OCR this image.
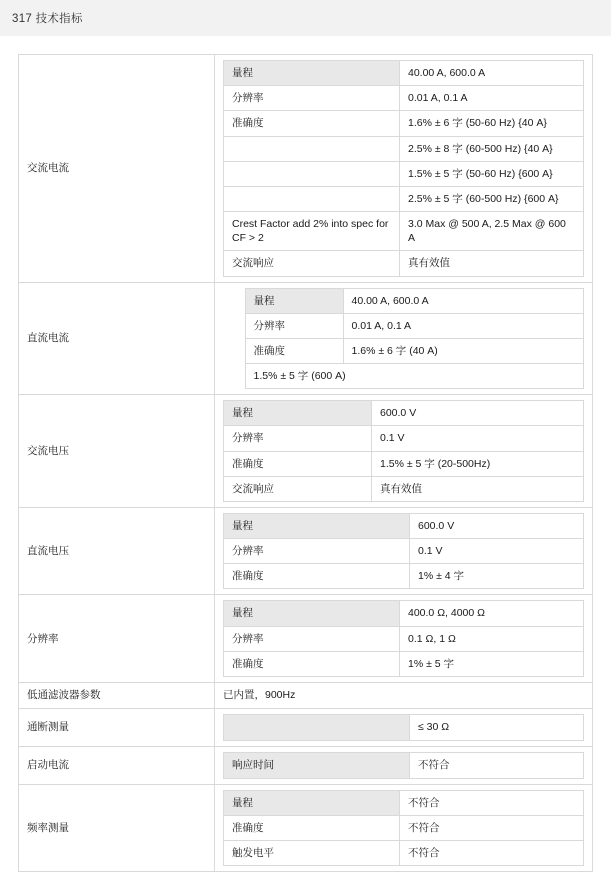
317 技术指标
交流电流	
量程	40.00 A, 600.0 A
分辨率	0.01 A, 0.1 A
准确度	1.6% ± 6 字 (50-60 Hz) {40 A}
	2.5% ± 8 字 (60-500 Hz) {40 A}
	1.5% ± 5 字 (50-60 Hz) {600 A}
	2.5% ± 5 字 (60-500 Hz) {600 A}
Crest Factor add 2% into spec for CF > 2	3.0 Max @ 500 A, 2.5 Max @ 600 A
交流响应	真有效值

直流电流	
	量程	40.00 A, 600.0 A
	分辨率	0.01 A, 0.1 A
	准确度	1.6% ± 6 字 (40 A)
	1.5% ± 5 字 (600 A)

交流电压	
量程	600.0 V
分辨率	0.1 V
准确度	1.5% ± 5 字 (20-500Hz)
交流响应	真有效值

直流电压	
量程	600.0 V
分辨率	0.1 V
准确度	1% ± 4 字

分辨率	
量程	400.0 Ω, 4000 Ω
分辨率	0.1 Ω, 1 Ω
准确度	1% ± 5 字

低通滤波器参数	已内置，900Hz
通断测量	
		≤ 30 Ω

启动电流		响应时间	不符合

频率测量	
量程	不符合
准确度	不符合
触发电平	不符合
